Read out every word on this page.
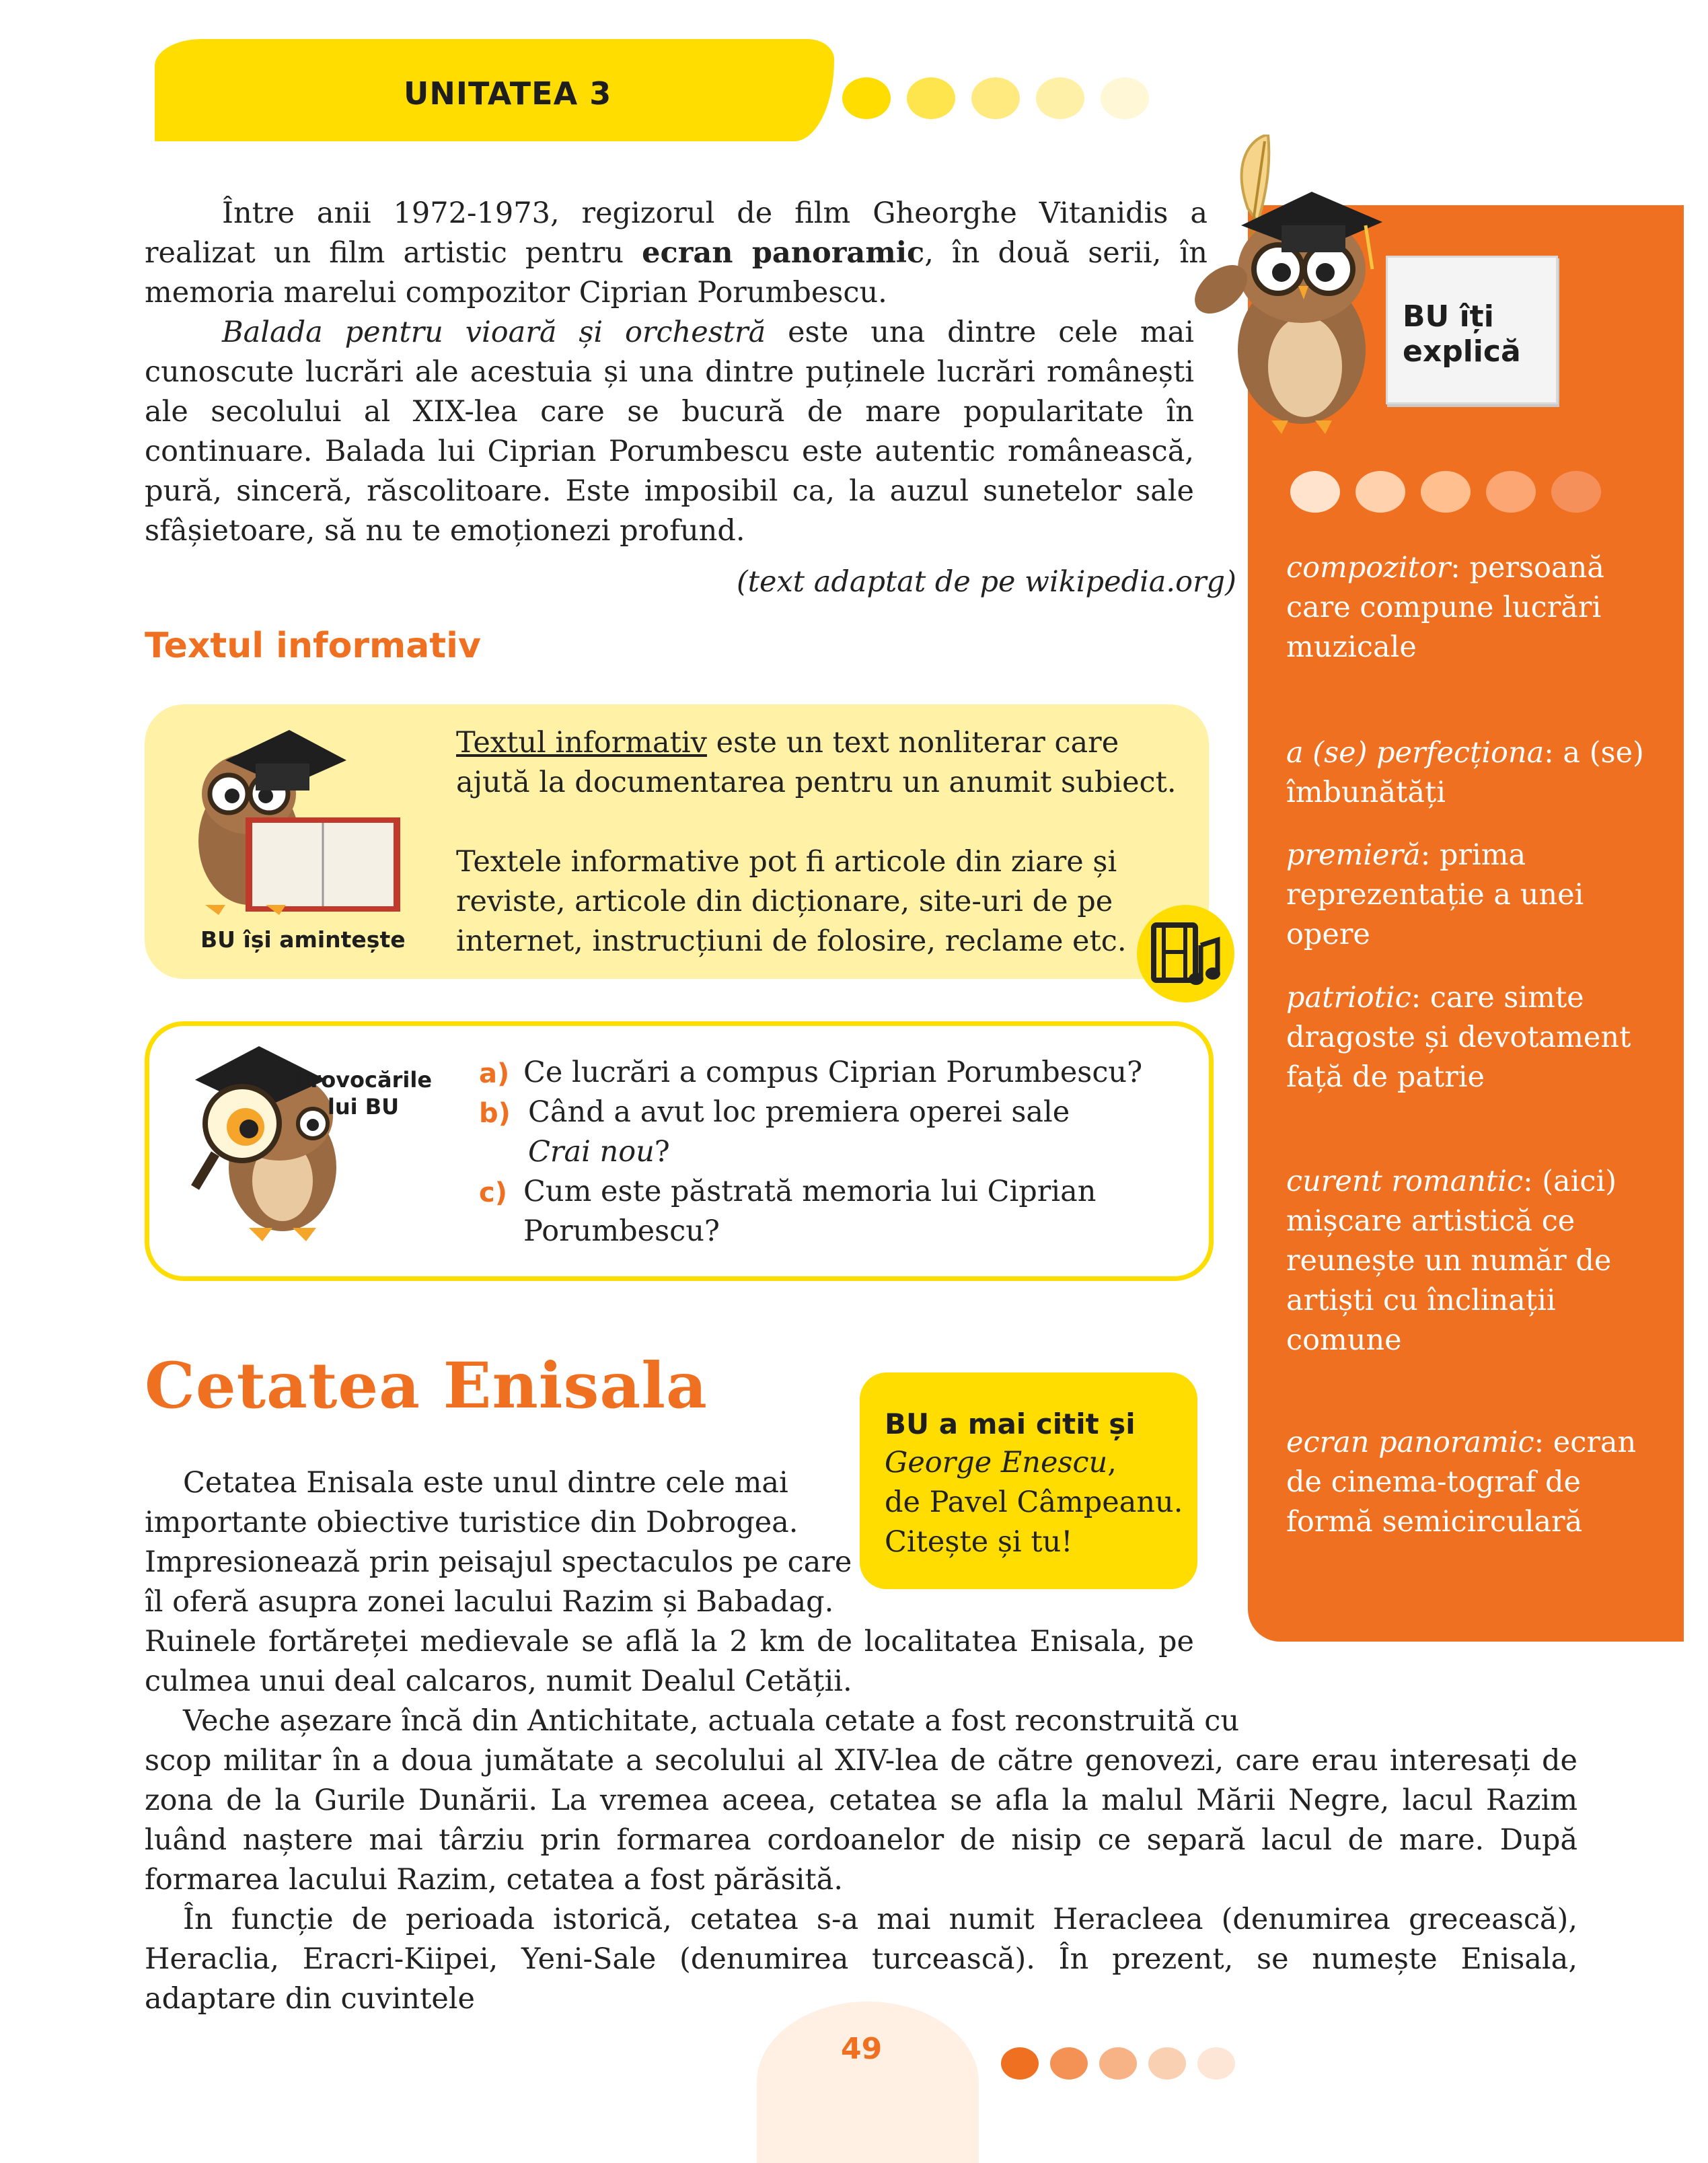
UNITATEA 3
BU îți
explică
compozitor: persoană care compune lucrări muzicale
a (se) perfecționa: a (se) îmbunătăți
premieră: prima reprezentație a unei opere
patriotic: care simte dragoste și devotament față de patrie
curent romantic: (aici) mișcare artistică ce reunește un număr de artiști cu înclinații comune
ecran panoramic: ecran de cinema-tograf de formă semicirculară

Între anii 1972-1973, regizorul de film Gheorghe Vitanidis a realizat un film artistic pentru ecran panoramic, în două serii, în memoria marelui compozitor Ciprian Porumbescu.

Balada pentru vioară și orchestră este una dintre cele mai cunoscute lucrări ale acestuia și una dintre puținele lucrări românești ale secolului al XIX-lea care se bucură de mare popularitate în continuare. Balada lui Ciprian Porumbescu este autentic românească, pură, sinceră, răscolitoare. Este imposibil ca, la auzul sunetelor sale sfâșietoare, să nu te emoționezi profund.

(text adaptat de pe wikipedia.org)
Textul informativ
BU își amintește

Textul informativ este un text nonliterar care ajută la documentarea pentru un anumit subiect.

Textele informative pot fi articole din ziare și reviste, articole din dicționare, site-uri de pe internet, instrucțiuni de folosire, reclame etc.

Provocările
lui BU
a) Ce lucrări a compus Ciprian Porumbescu?
b) Când a avut loc premiera operei sale Crai nou?
c) Cum este păstrată memoria lui Ciprian Porumbescu?
Cetatea Enisala
BU a mai citit și
George Enescu,
de Pavel Câmpeanu.
Citește și tu!
Cetatea Enisala este unul dintre cele mai
importante obiective turistice din Dobrogea.
Impresionează prin peisajul spectaculos pe care
îl oferă asupra zonei lacului Razim și Babadag.

Ruinele fortăreței medievale se află la 2 km de localitatea Enisala, pe culmea unui deal calcaros, numit Dealul Cetății.

Veche așezare încă din Antichitate, actuala cetate a fost reconstruită cu

scop militar în a doua jumătate a secolului al XIV-lea de către genovezi, care erau interesați de zona de la Gurile Dunării. La vremea aceea, cetatea se afla la malul Mării Negre, lacul Razim luând naștere mai târziu prin formarea cordoanelor de nisip ce separă lacul de mare. După formarea lacului Razim, cetatea a fost părăsită.

În funcție de perioada istorică, cetatea s-a mai numit Heracleea (denumirea grecească), Heraclia, Eracri-Kiipei, Yeni-Sale (denumirea turcească). În prezent, se numește Enisala, adaptare din cuvintele

49
